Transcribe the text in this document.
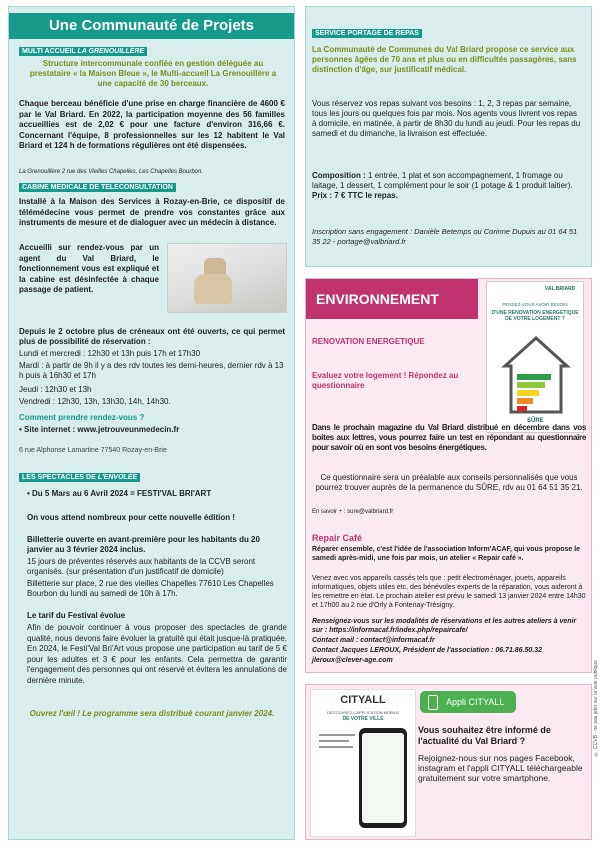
Une Communauté de Projets
MULTI ACCUEIL LA GRENOUILLÈRE
Structure intercommunale confiée en gestion déléguée au prestataire « la Maison Bleue », le Multi-accueil La Grenouillère a une capacité de 30 berceaux.
Chaque berceau bénéficie d'une prise en charge financière de 4600 € par le Val Briard. En 2022, la participation moyenne des 56 familles accueillies est de 2,02 € pour une facture d'environ 316,66 €. Concernant l'équipe, 8 professionnelles sur les 12 habitent le Val Briard et 124 h de formations régulières ont été dispensées.
La Grenouillère 2 rue des Vieilles Chapelles, Les Chapelles Bourbon.
CABINE MEDICALE DE TELECONSULTATION
Installé à la Maison des Services à Rozay-en-Brie, ce dispositif de télémédecine vous permet de prendre vos constantes grâce aux instruments de mesure et de dialoguer avec un médecin à distance.
Accueilli sur rendez-vous par un agent du Val Briard, le fonctionnement vous est expliqué et la cabine est désinfectée à chaque passage de patient.
Depuis le 2 octobre plus de créneaux ont été ouverts, ce qui permet plus de possibilité de réservation :
Lundi et mercredi : 12h30 et 13h puis 17h et 17h30
Mardi : à partir de 9h il y a des rdv toutes les demi-heures, dernier rdv à 13 h puis à 16h30 et 17h
Jeudi : 12h30 et 13h
Vendredi : 12h30, 13h, 13h30, 14h, 14h30.
Comment prendre rendez-vous ?
• Site internet : www.jetrouveunmedecin.fr
6 rue Alphonse Lamartine 77540 Rozay-en-Brie
LES SPECTACLES DE L'ENVOLÉE
• Du 5 Mars au 6 Avril 2024 = FESTI'VAL BRI'ART
On vous attend nombreux pour cette nouvelle édition !
Billetterie ouverte en avant-première pour les habitants du 20 janvier au 3 février 2024 inclus.
15 jours de préventes réservés aux habitants de la CCVB seront organisés. (sur présentation d'un justificatif de domicile)
Billetterie sur place, 2 rue des vieilles Chapelles 77610 Les Chapelles Bourbon du lundi au samedi de 10h à 17h.
Le tarif du Festival évolue
Afin de pouvoir continuer à vous proposer des spectacles de grande qualité, nous devons faire évoluer la gratuité qui était jusque-là pratiquée. En 2024, le Festi'Val Bri'Art vous propose une participation au tarif de 5 € pour les adultes et 3 € pour les enfants. Cela permettra de garantir l'engagement des personnes qui ont réservé et évitera les annulations de dernière minute.
Ouvrez l'œil ! Le programme sera distribué courant janvier 2024.
SERVICE PORTAGE DE REPAS
La Communauté de Communes du Val Briard propose ce service aux personnes âgées de 70 ans et plus ou en difficultés passagères, sans distinction d'âge, sur justificatif médical.
Vous réservez vos repas suivant vos besoins : 1, 2, 3 repas par semaine, tous les jours ou quelques fois par mois. Nos agents vous livrent vos repas à domicile, en matinée, à partir de 8h30 du lundi au jeudi. Pour les repas du samedi et du dimanche, la livraison est effectuée.
Composition : 1 entrée, 1 plat et son accompagnement, 1 fromage ou laitage, 1 dessert, 1 complément pour le soir (1 potage & 1 produit laitier). Prix : 7 € TTC le repas.
Inscription sans engagement : Danièle Betemps ou Corinne Dupuis au 01 64 51 35 22 - portage@valbriard.fr
ENVIRONNEMENT
RENOVATION ENERGETIQUE
Evaluez votre logement ! Répondez au questionnaire
VAL BRIARD
PENSEZ-VOUS AVOIR BESOIN
D'UNE RENOVATION ENERGETIQUE DE VOTRE LOGEMENT ?
SÛRE
Dans le prochain magazine du Val Briard distribué en décembre dans vos boites aux lettres, vous pourrez faire un test en répondant au questionnaire pour savoir où en sont vos besoins énergétiques.
Ce questionnaire sera un préalable aux conseils personnalisés que vous pourrez trouver auprès de la permanence du SÛRE, rdv au 01 64 51 35 21.
En savoir + : sure@valbriard.fr
Repair Café
Réparer ensemble, c'est l'idée de l'association Inform'ACAF, qui vous propose le samedi après-midi, une fois par mois, un atelier « Repair café ».
Venez avec vos appareils cassés tels que : petit électroménager, jouets, appareils informatiques, objets utiles etc, des bénévoles experts de la réparation, vous aideront à les remettre en état. Le prochain atelier est prévu le samedi 13 janvier 2024 entre 14h30 et 17h00 au 2 rue d'Orly à Fontenay-Trésigny.
Renseignez-vous sur les modalités de réservations et les autres ateliers à venir sur : https://informacaf.fr/index.php/repaircafe/
Contact mail : contact@informacaf.fr
Contact Jacques LEROUX, Président de l'association : 06.71.86.50.32
jleroux@clever-age.com
CITYALL
DÉCOUVREZ L'APPLICATION MOBILE
DE VOTRE VILLE
Appli CITYALL
Vous souhaitez être informé de l'actualité du Val Briard ?
Rejoignez-nous sur nos pages Facebook, instagram et l'appli CITYALL téléchargeable gratuitement sur votre smartphone.
© CCVB - ne pas jeter sur la voie publique
